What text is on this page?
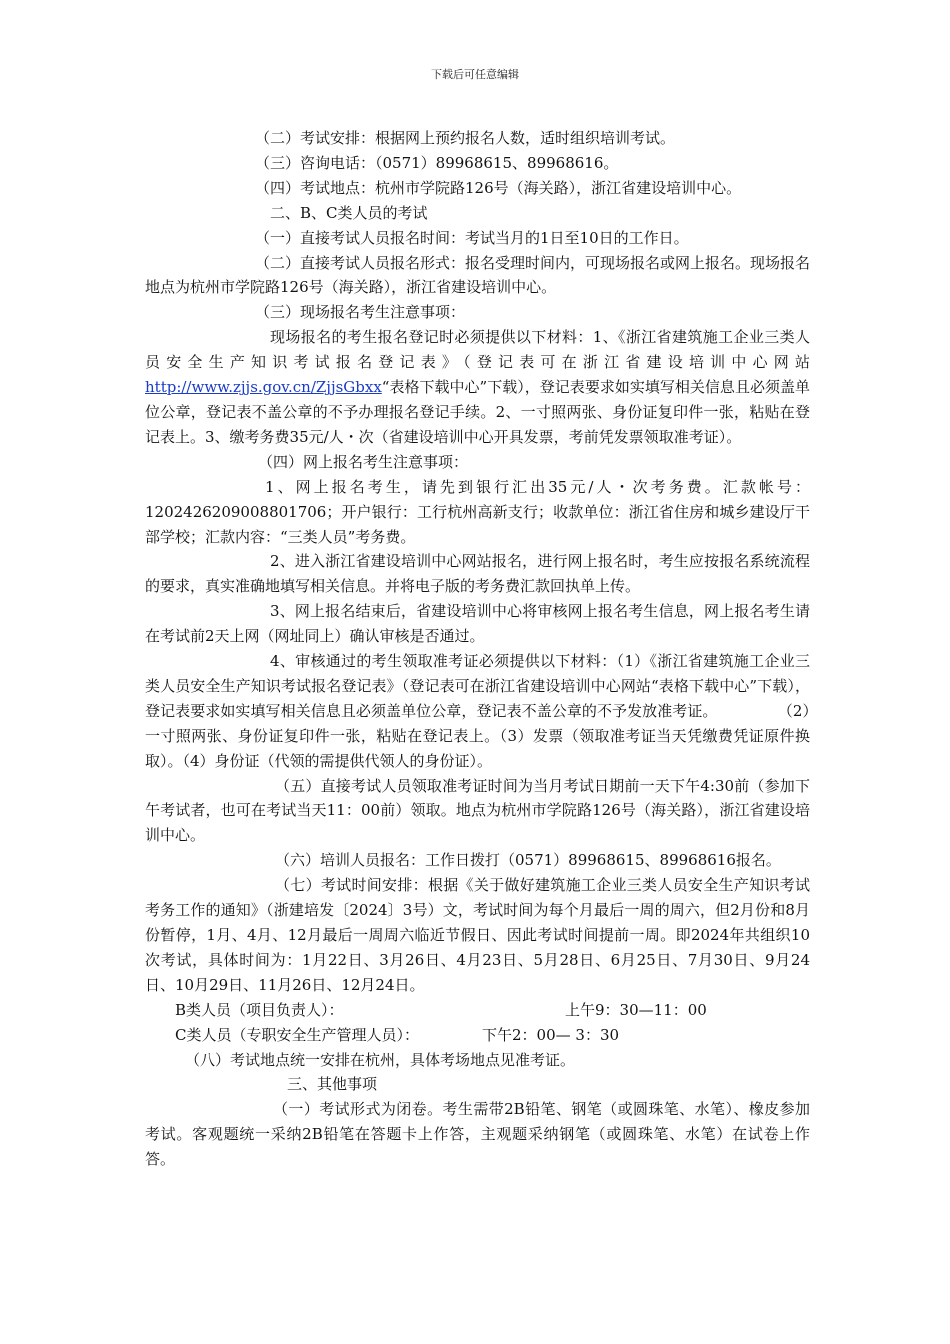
下载后可任意编辑

（二）考试安排：根据网上预约报名人数，适时组织培训考试。

（三）咨询电话：（0571）89968615、89968616。

（四）考试地点：杭州市学院路126号（海关路），浙江省建设培训中心。

二、B、C类人员的考试

（一）直接考试人员报名时间：考试当月的1日至10日的工作日。

（二）直接考试人员报名形式：报名受理时间内，可现场报名或网上报名。现场报名地点为杭州市学院路126号（海关路），浙江省建设培训中心。

（三）现场报名考生注意事项：

现场报名的考生报名登记时必须提供以下材料：1、《浙江省建筑施工企业三类人员安全生产知识考试报名登记表》（登记表可在浙江省建设培训中心网站http://www.zjjs.gov.cn/ZjjsGbxx“表格下载中心”下载），登记表要求如实填写相关信息且必须盖单位公章，登记表不盖公章的不予办理报名登记手续。2、一寸照两张、身份证复印件一张，粘贴在登记表上。3、缴考务费35元/人・次（省建设培训中心开具发票，考前凭发票领取准考证）。

（四）网上报名考生注意事项：

1、网上报名考生，请先到银行汇出35元/人・次考务费。汇款帐号：1202426209008801706；开户银行：工行杭州高新支行；收款单位：浙江省住房和城乡建设厅干部学校；汇款内容：“三类人员”考务费。

2、进入浙江省建设培训中心网站报名，进行网上报名时，考生应按报名系统流程的要求，真实准确地填写相关信息。并将电子版的考务费汇款回执单上传。

3、网上报名结束后，省建设培训中心将审核网上报名考生信息，网上报名考生请在考试前2天上网（网址同上）确认审核是否通过。

4、审核通过的考生领取准考证必须提供以下材料：（1）《浙江省建筑施工企业三类人员安全生产知识考试报名登记表》（登记表可在浙江省建设培训中心网站“表格下载中心”下载），登记表要求如实填写相关信息且必须盖单位公章，登记表不盖公章的不予发放准考证。　　　　　（2）一寸照两张、身份证复印件一张，粘贴在登记表上。（3）发票（领取准考证当天凭缴费凭证原件换取）。（4）身份证（代领的需提供代领人的身份证）。

（五）直接考试人员领取准考证时间为当月考试日期前一天下午4:30前（参加下午考试者，也可在考试当天11：00前）领取。地点为杭州市学院路126号（海关路），浙江省建设培训中心。

（六）培训人员报名：工作日拨打（0571）89968615、89968616报名。

（七）考试时间安排：根据《关于做好建筑施工企业三类人员安全生产知识考试考务工作的通知》（浙建培发〔2024〕3号）文，考试时间为每个月最后一周的周六，但2月份和8月份暂停，1月、4月、12月最后一周周六临近节假日、因此考试时间提前一周。即2024年共组织10次考试，具体时间为：1月22日、3月26日、4月23日、5月28日、6月25日、7月30日、9月24日、10月29日、11月26日、12月24日。

B类人员（项目负责人）：	上午9：30—11：00
C类人员（专职安全生产管理人员）：	下午2：00— 3：30

（八）考试地点统一安排在杭州，具体考场地点见准考证。

三、其他事项

（一）考试形式为闭卷。考生需带2B铅笔、钢笔（或圆珠笔、水笔）、橡皮参加考试。客观题统一采纳2B铅笔在答题卡上作答，主观题采纳钢笔（或圆珠笔、水笔）在试卷上作答。
